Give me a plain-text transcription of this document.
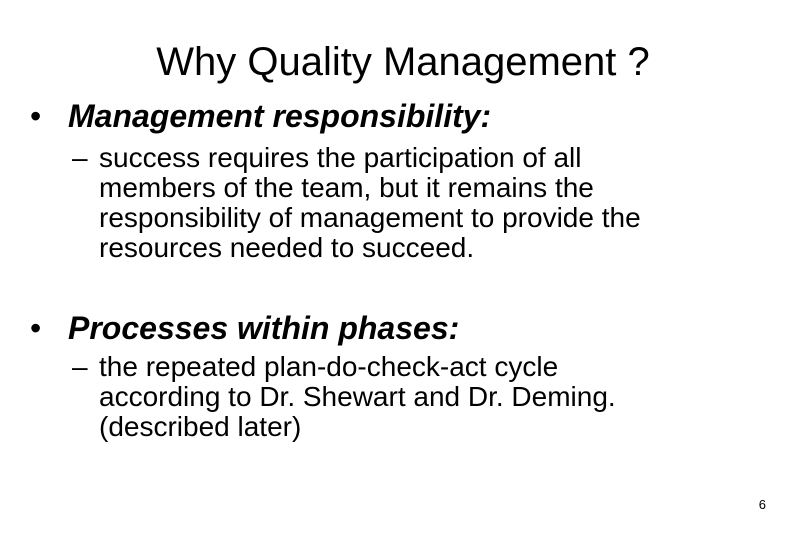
Why Quality Management ?
• Management responsibility:
– success requires the participation of all
members of the team, but it remains the
responsibility of management to provide the
resources needed to succeed.
• Processes within phases:
– the repeated plan-do-check-act cycle
according to Dr. Shewart and Dr. Deming.
(described later)
6
